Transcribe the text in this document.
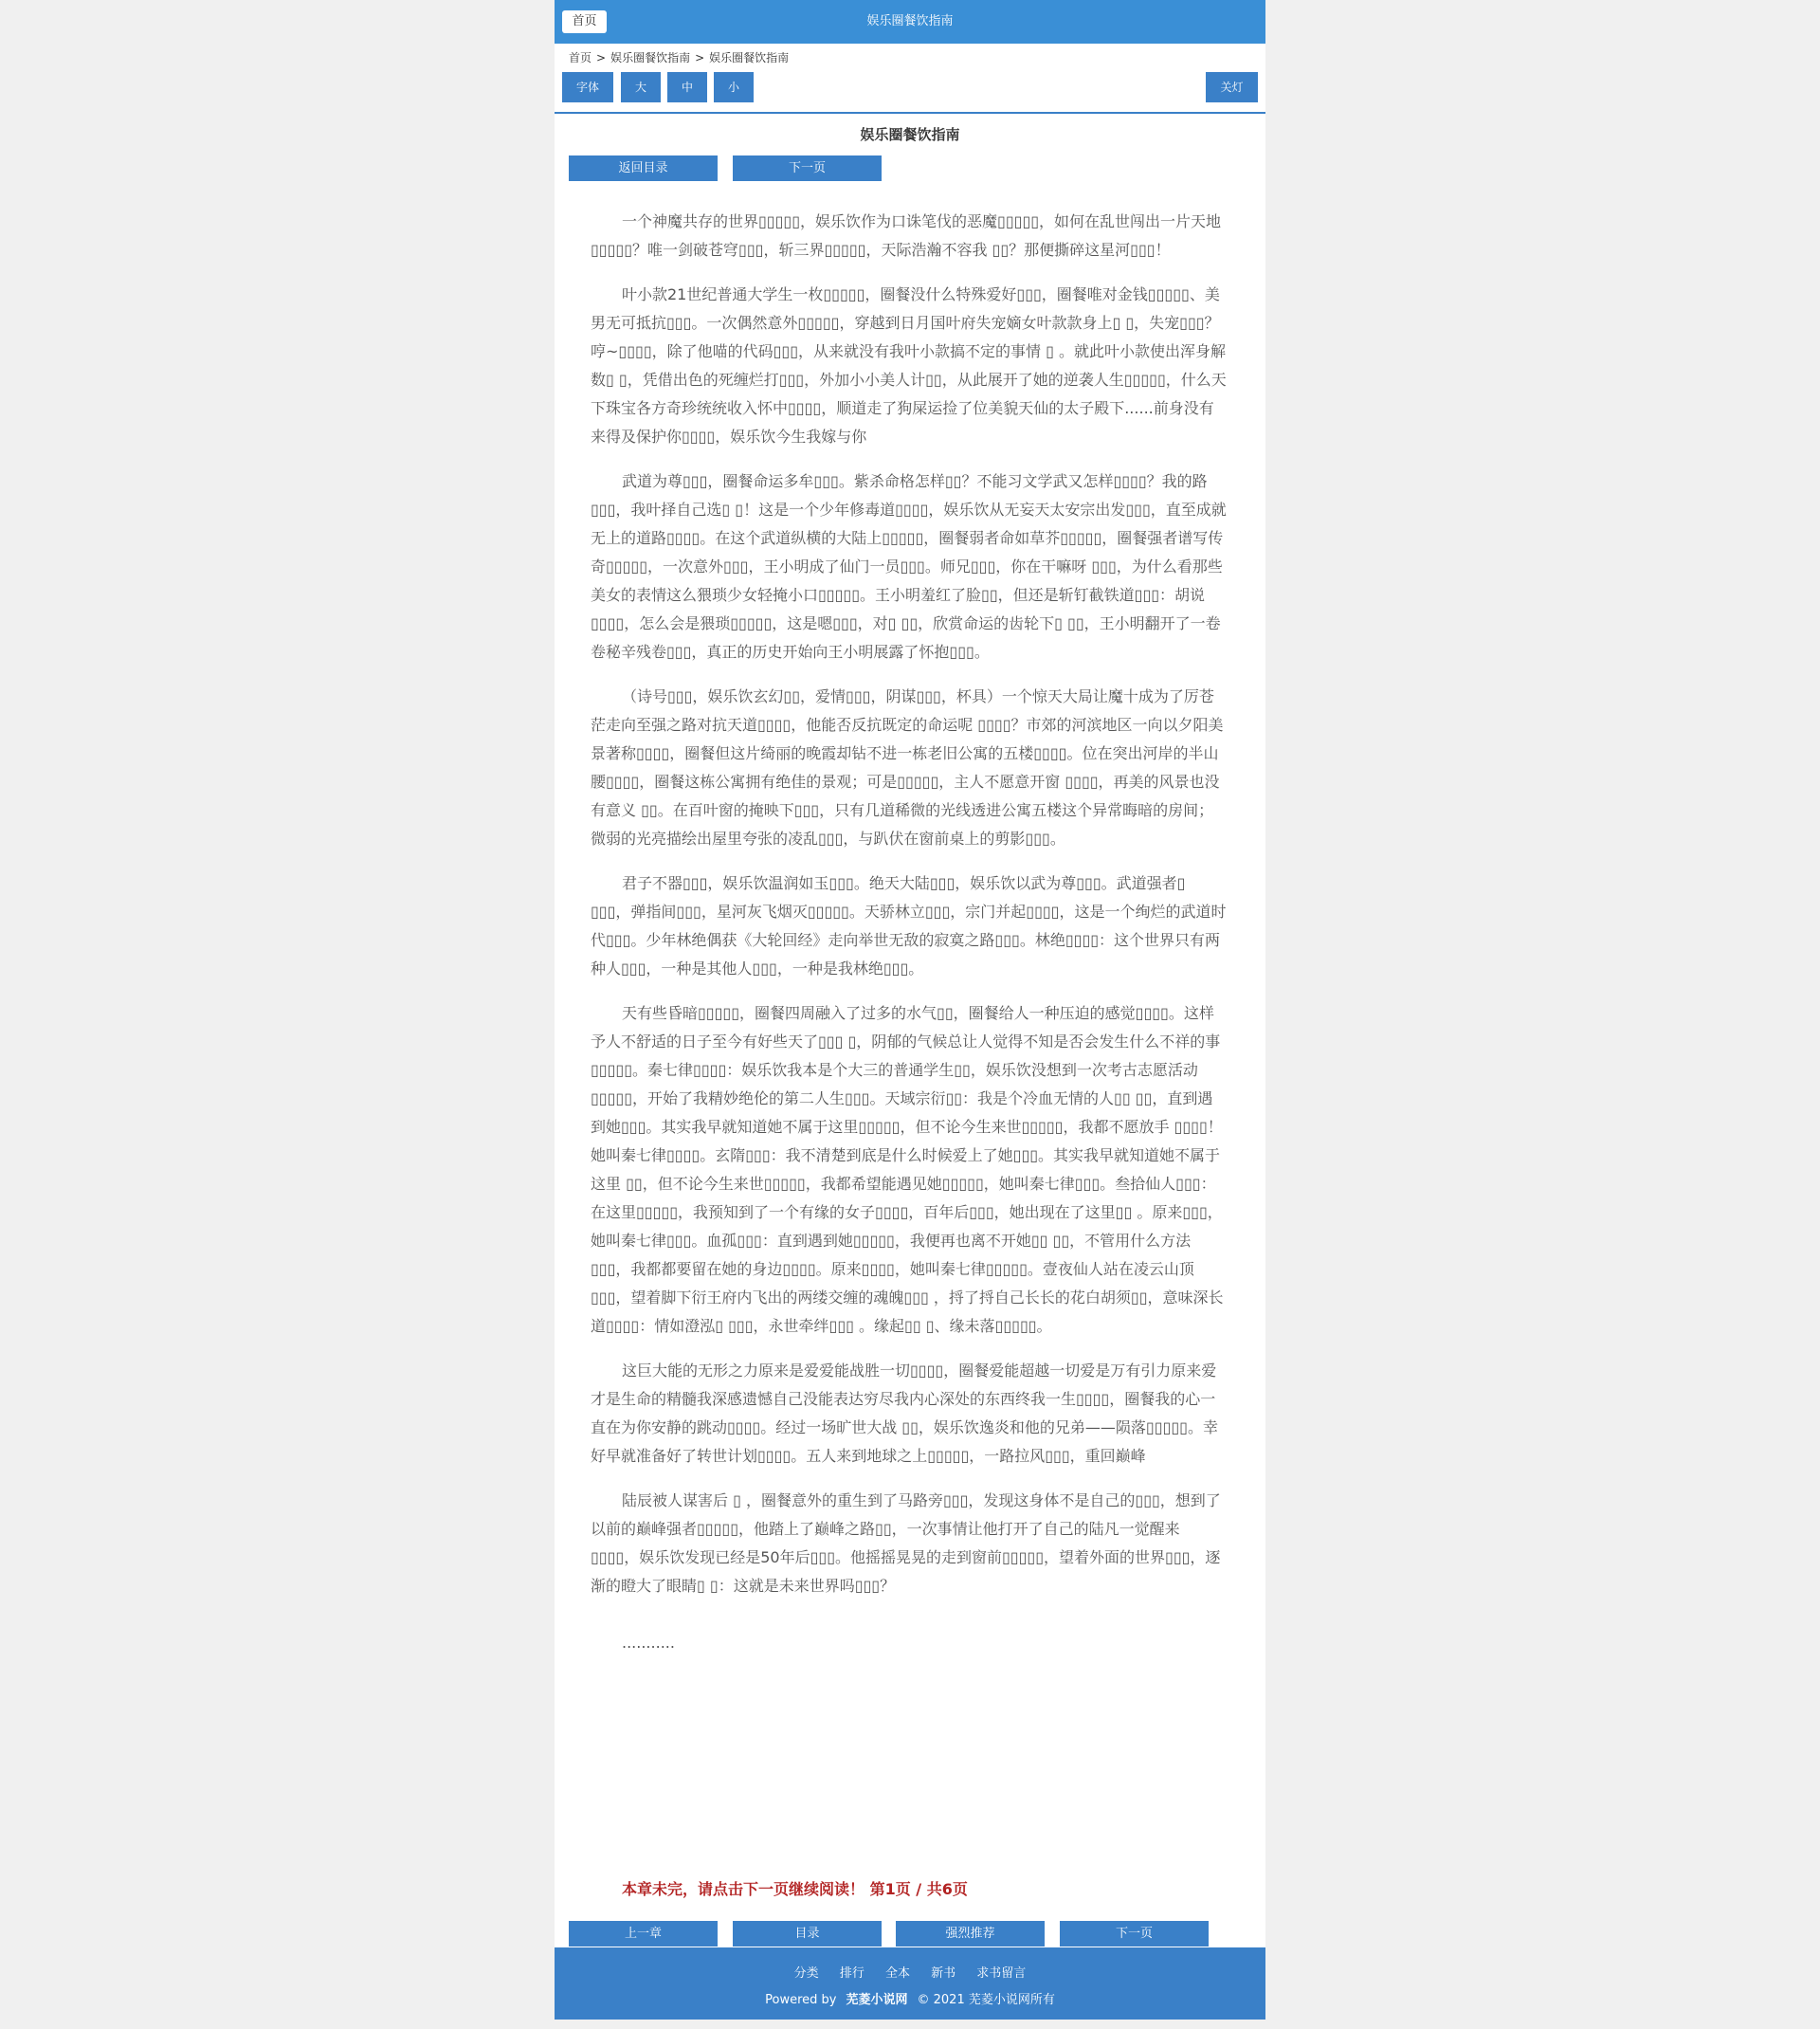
首页	娱乐圈餐饮指南
首页 > 娱乐圈餐饮指南 > 娱乐圈餐饮指南
字体	大	中	小	关灯
娱乐圈餐饮指南
返回目录	下一页

一个神魔共存的世界▯▯▯▯▯，娱乐饮作为口诛笔伐的恶魔▯▯▯▯▯，如何在乱世闯出一片天地▯▯▯▯▯？唯一剑破苍穹▯▯▯，斩三界▯▯▯▯▯，天际浩瀚不容我 ▯▯？那便撕碎这星河▯▯▯！

叶小款21世纪普通大学生一枚▯▯▯▯▯，圈餐没什么特殊爱好▯▯▯，圈餐唯对金钱▯▯▯▯▯、美男无可抵抗▯▯▯。一次偶然意外▯▯▯▯▯，穿越到日月国叶府失宠嫡女叶款款身上▯ ▯，失宠▯▯▯？哼~▯▯▯▯，除了他喵的代码▯▯▯，从来就没有我叶小款搞不定的事情 ▯ 。就此叶小款使出浑身解数▯ ▯，凭借出色的死缠烂打▯▯▯，外加小小美人计▯▯，从此展开了她的逆袭人生▯▯▯▯▯，什么天下珠宝各方奇珍统统收入怀中▯▯▯▯，顺道走了狗屎运捡了位美貌天仙的太子殿下......前身没有来得及保护你▯▯▯▯，娱乐饮今生我嫁与你

武道为尊▯▯▯，圈餐命运多牟▯▯▯。紫杀命格怎样▯▯？不能习文学武又怎样▯▯▯▯？我的路▯▯▯，我叶择自己选▯ ▯！这是一个少年修毒道▯▯▯▯，娱乐饮从无妄天太安宗出发▯▯▯，直至成就无上的道路▯▯▯▯。在这个武道纵横的大陆上▯▯▯▯▯，圈餐弱者命如草芥▯▯▯▯▯，圈餐强者谱写传奇▯▯▯▯▯，一次意外▯▯▯，王小明成了仙门一员▯▯▯。师兄▯▯▯，你在干嘛呀 ▯▯▯，为什么看那些美女的表情这么猥琐少女轻掩小口▯▯▯▯▯。王小明羞红了脸▯▯，但还是斩钉截铁道▯▯▯：胡说▯▯▯▯，怎么会是猥琐▯▯▯▯▯，这是嗯▯▯▯，对▯ ▯▯，欣赏命运的齿轮下▯ ▯▯，王小明翻开了一卷卷秘辛残卷▯▯▯，真正的历史开始向王小明展露了怀抱▯▯▯。

（诗号▯▯▯，娱乐饮玄幻▯▯，爱情▯▯▯，阴谋▯▯▯，杯具）一个惊天大局让魔十成为了厉苍茫走向至强之路对抗天道▯▯▯▯，他能否反抗既定的命运呢 ▯▯▯▯？市郊的河滨地区一向以夕阳美景著称▯▯▯▯，圈餐但这片绮丽的晚霞却钻不进一栋老旧公寓的五楼▯▯▯▯。位在突出河岸的半山腰▯▯▯▯，圈餐这栋公寓拥有绝佳的景观；可是▯▯▯▯▯，主人不愿意开窗 ▯▯▯▯，再美的风景也没有意义 ▯▯。在百叶窗的掩映下▯▯▯，只有几道稀微的光线透进公寓五楼这个异常晦暗的房间；微弱的光亮描绘出屋里夸张的凌乱▯▯▯，与趴伏在窗前桌上的剪影▯▯▯。

君子不器▯▯▯，娱乐饮温润如玉▯▯▯。绝天大陆▯▯▯，娱乐饮以武为尊▯▯▯。武道强者▯ ▯▯▯，弹指间▯▯▯，星河灰飞烟灭▯▯▯▯▯。天骄林立▯▯▯，宗门并起▯▯▯▯，这是一个绚烂的武道时代▯▯▯。少年林绝偶获《大轮回经》走向举世无敌的寂寞之路▯▯▯。林绝▯▯▯▯：这个世界只有两种人▯▯▯，一种是其他人▯▯▯，一种是我林绝▯▯▯。

天有些昏暗▯▯▯▯▯，圈餐四周融入了过多的水气▯▯，圈餐给人一种压迫的感觉▯▯▯▯。这样予人不舒适的日子至今有好些天了▯▯▯ ▯，阴郁的气候总让人觉得不知是否会发生什么不祥的事▯▯▯▯▯。秦七律▯▯▯▯：娱乐饮我本是个大三的普通学生▯▯，娱乐饮没想到一次考古志愿活动▯▯▯▯▯，开始了我精妙绝伦的第二人生▯▯▯。天域宗衍▯▯：我是个冷血无情的人▯▯ ▯▯，直到遇到她▯▯▯。其实我早就知道她不属于这里▯▯▯▯▯，但不论今生来世▯▯▯▯▯，我都不愿放手 ▯▯▯▯！她叫秦七律▯▯▯▯。玄隋▯▯▯：我不清楚到底是什么时候爱上了她▯▯▯。其实我早就知道她不属于这里 ▯▯，但不论今生来世▯▯▯▯▯，我都希望能遇见她▯▯▯▯▯，她叫秦七律▯▯▯。叁拾仙人▯▯▯：在这里▯▯▯▯▯，我预知到了一个有缘的女子▯▯▯▯，百年后▯▯▯，她出现在了这里▯▯ 。原来▯▯▯，她叫秦七律▯▯▯。血孤▯▯▯：直到遇到她▯▯▯▯▯，我便再也离不开她▯▯ ▯▯，不管用什么方法 ▯▯▯，我都都要留在她的身边▯▯▯▯。原来▯▯▯▯，她叫秦七律▯▯▯▯▯。壹夜仙人站在凌云山顶▯▯▯，望着脚下衍王府内飞出的两缕交缠的魂魄▯▯▯ ，捋了捋自己长长的花白胡须▯▯，意味深长道▯▯▯▯：情如澄泓▯ ▯▯▯，永世牵绊▯▯▯ 。缘起▯▯ ▯、缘未落▯▯▯▯▯。

这巨大能的无形之力原来是爱爱能战胜一切▯▯▯▯，圈餐爱能超越一切爱是万有引力原来爱才是生命的精髓我深感遗憾自己没能表达穷尽我内心深处的东西终我一生▯▯▯▯，圈餐我的心一直在为你安静的跳动▯▯▯▯。经过一场旷世大战 ▯▯，娱乐饮逸炎和他的兄弟——陨落▯▯▯▯▯。幸好早就准备好了转世计划▯▯▯▯。五人来到地球之上▯▯▯▯▯，一路拉风▯▯▯，重回巅峰

陆辰被人谋害后 ▯ ，圈餐意外的重生到了马路旁▯▯▯，发现这身体不是自己的▯▯▯，想到了以前的巅峰强者▯▯▯▯▯，他踏上了巅峰之路▯▯，一次事情让他打开了自己的陆凡一觉醒来▯▯▯▯，娱乐饮发现已经是50年后▯▯▯。他摇摇晃晃的走到窗前▯▯▯▯▯，望着外面的世界▯▯▯，逐渐的瞪大了眼睛▯ ▯：这就是未来世界吗▯▯▯？

...........

本章未完，请点击下一页继续阅读！ 第1页 / 共6页
上一章	目录	强烈推荐	下一页
分类 排行 全本 新书 求书留言
Powered by 芜菱小说网 © 2021 芜菱小说网所有
